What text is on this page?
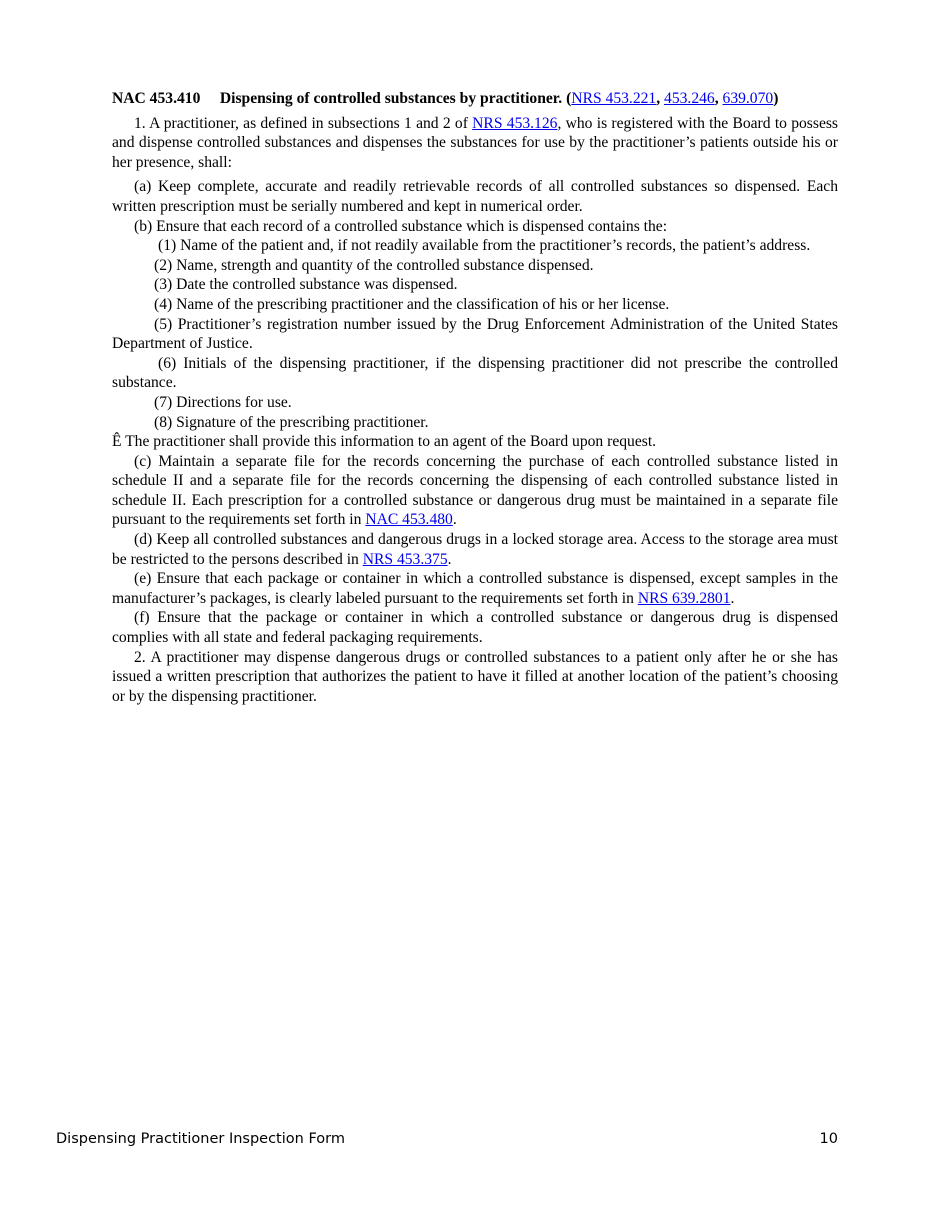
NAC 453.410 Dispensing of controlled substances by practitioner. (NRS 453.221, 453.246, 639.070)

1. A practitioner, as defined in subsections 1 and 2 of NRS 453.126, who is registered with the Board to possess and dispense controlled substances and dispenses the substances for use by the practitioner’s patients outside his or her presence, shall:

(a) Keep complete, accurate and readily retrievable records of all controlled substances so dispensed. Each written prescription must be serially numbered and kept in numerical order.

(b) Ensure that each record of a controlled substance which is dispensed contains the:

(1) Name of the patient and, if not readily available from the practitioner’s records, the patient’s address.

(2) Name, strength and quantity of the controlled substance dispensed.

(3) Date the controlled substance was dispensed.

(4) Name of the prescribing practitioner and the classification of his or her license.

(5) Practitioner’s registration number issued by the Drug Enforcement Administration of the United States Department of Justice.

(6) Initials of the dispensing practitioner, if the dispensing practitioner did not prescribe the controlled substance.

(7) Directions for use.

(8) Signature of the prescribing practitioner.

Ê The practitioner shall provide this information to an agent of the Board upon request.

(c) Maintain a separate file for the records concerning the purchase of each controlled substance listed in schedule II and a separate file for the records concerning the dispensing of each controlled substance listed in schedule II. Each prescription for a controlled substance or dangerous drug must be maintained in a separate file pursuant to the requirements set forth in NAC 453.480.

(d) Keep all controlled substances and dangerous drugs in a locked storage area. Access to the storage area must be restricted to the persons described in NRS 453.375.

(e) Ensure that each package or container in which a controlled substance is dispensed, except samples in the manufacturer’s packages, is clearly labeled pursuant to the requirements set forth in NRS 639.2801.

(f) Ensure that the package or container in which a controlled substance or dangerous drug is dispensed complies with all state and federal packaging requirements.

2. A practitioner may dispense dangerous drugs or controlled substances to a patient only after he or she has issued a written prescription that authorizes the patient to have it filled at another location of the patient’s choosing or by the dispensing practitioner.

Dispensing Practitioner Inspection Form	10
